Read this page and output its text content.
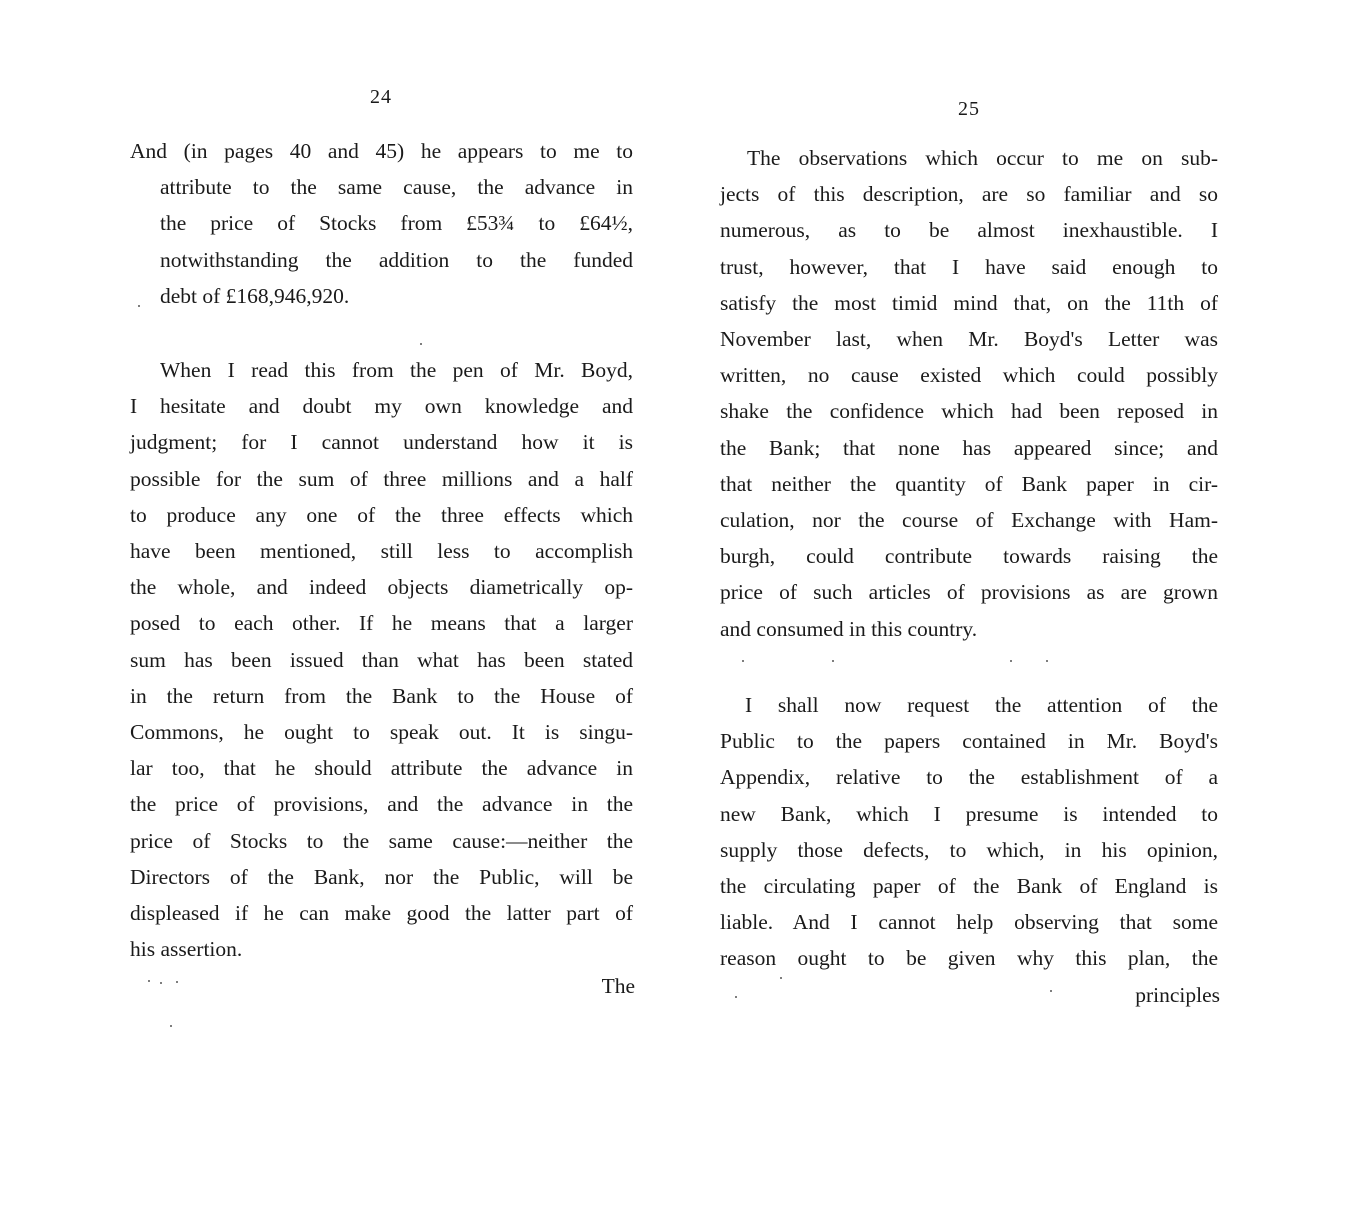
24
And (in pages 40 and 45) he appears to me to
attribute to the same cause, the advance in
the price of Stocks from £53¾ to £64½,
notwithstanding the addition to the funded
debt of £168,946,920.
When I read this from the pen of Mr. Boyd,
I hesitate and doubt my own knowledge and
judgment; for I cannot understand how it is
possible for the sum of three millions and a half
to produce any one of the three effects which
have been mentioned, still less to accomplish
the whole, and indeed objects diametrically op-
posed to each other. If he means that a larger
sum has been issued than what has been stated
in the return from the Bank to the House of
Commons, he ought to speak out. It is singu-
lar too, that he should attribute the advance in
the price of provisions, and the advance in the
price of Stocks to the same cause:—neither the
Directors of the Bank, nor the Public, will be
displeased if he can make good the latter part of
his assertion.
The
25
The observations which occur to me on sub-
jects of this description, are so familiar and so
numerous, as to be almost inexhaustible. I
trust, however, that I have said enough to
satisfy the most timid mind that, on the 11th of
November last, when Mr. Boyd's Letter was
written, no cause existed which could possibly
shake the confidence which had been reposed in
the Bank; that none has appeared since; and
that neither the quantity of Bank paper in cir-
culation, nor the course of Exchange with Ham-
burgh, could contribute towards raising the
price of such articles of provisions as are grown
and consumed in this country.
I shall now request the attention of the
Public to the papers contained in Mr. Boyd's
Appendix, relative to the establishment of a
new Bank, which I presume is intended to
supply those defects, to which, in his opinion,
the circulating paper of the Bank of England is
liable. And I cannot help observing that some
reason ought to be given why this plan, the
principles
